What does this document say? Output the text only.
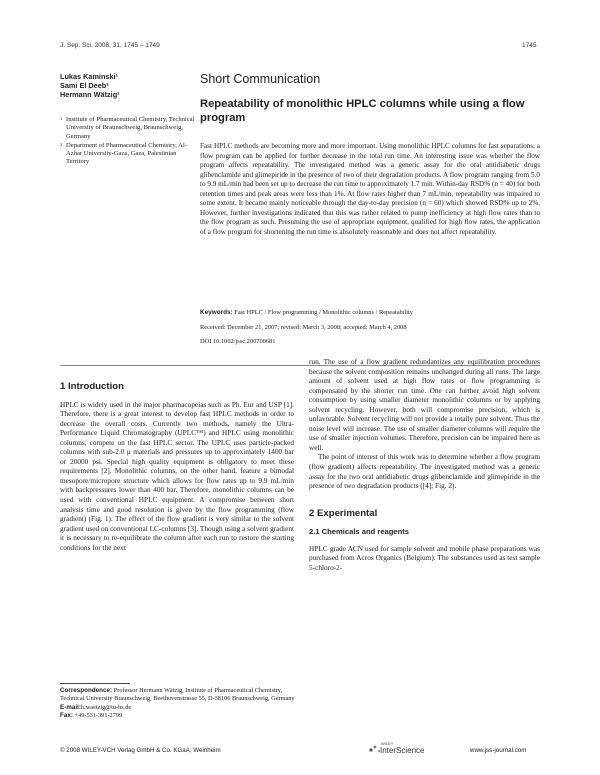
J. Sep. Sci. 2008, 31, 1745 – 1749	1745
Lukas Kaminski¹
Sami El Deeb²
Hermann Wätzig¹
1 Institute of Pharmaceutical Chemistry, Technical University of Braunschweig, Braunschweig, Germany
2 Department of Pharmaceutical Chemistry, Al-Azhar University-Gaza, Gaza, Palestinian Territory
Short Communication
Repeatability of monolithic HPLC columns while using a flow program
Fast HPLC methods are becoming more and more important. Using monolithic HPLC columns for fast separations, a flow program can be applied for further decrease in the total run time. An interesting issue was whether the flow program affects repeatability. The investigated method was a generic assay for the oral antidiabetic drugs glibenclamide and glimepiride in the presence of two of their degradation products. A flow program ranging from 5.0 to 9.9 mL/min had been set up to decrease the run time to approximately 1.7 min. Within-day RSD% (n = 40) for both retention times and peak areas were less than 1%. At flow rates higher than 7 mL/min, repeatability was impaired to some extent. It became mainly noticeable through the day-to-day precision (n = 60) which showed RSD% up to 2%. However, further investigations indicated that this was rather related to pump inefficiency at high flow rates than to the flow program as such. Presuming the use of appropriate equipment, qualified for high flow rates, the application of a flow program for shortening the run time is absolutely reasonable and does not affect repeatability.
Keywords: Fast HPLC / Flow programming / Monolithic columns / Repeatability
Received: December 21, 2007; revised: March 3, 2008; accepted: March 4, 2008
DOI 10.1002/jssc.200700681
1 Introduction

HPLC is widely used in the major pharmacopeias such as Ph. Eur and USP [1]. Therefore, there is a great interest to develop fast HPLC methods in order to decrease the overall costs. Currently two methods, namely the Ultra-Performance Liquid Chromatography (UPLC™) and HPLC using monolithic columns, compete on the fast HPLC sector. The UPLC uses particle-packed columns with sub-2.0 μ materials and pressures up to approximately 1400 bar or 20000 psi. Special high quality equipment is obligatory to meet these requirements [2]. Monolithic columns, on the other hand, feature a bimodal mesopore/micropore structure which allows for flow rates up to 9.9 mL/min with backpressures lower than 400 bar. Therefore, monolithic columns can be used with conventional HPLC equipment. A compromise between short analysis time and good resolution is given by the flow programming (flow gradient) (Fig. 1). The effect of the flow gradient is very similar to the solvent gradient used on conventional LC-columns [3]. Though using a solvent gradient it is necessary to re-equilibrate the column after each run to restore the starting conditions for the next

run. The use of a flow gradient redundantizes any equilibration procedures because the solvent composition remains unchanged during all runs. The large amount of solvent used at high flow rates or flow programming is compensated by the shorter run time. One can further avoid high solvent consumption by using smaller diameter monolithic columns or by applying solvent recycling. However, both will compromise precision, which is unfavorable. Solvent recycling will not provide a totally pure solvent. Thus the noise level will increase. The use of smaller diameter columns will require the use of smaller injection volumes. Therefore, precision can be impaired here as well.

The point of interest of this work was to determine whether a flow program (flow gradient) affects repeatability. The investigated method was a generic assay for the two oral antidiabetic drugs glibenclamide and glimepiride in the presence of two degradation products ([4]; Fig. 2).

2 Experimental
2.1 Chemicals and reagents

HPLC grade ACN used for sample solvent and mobile phase preparations was purchased from Acros Organics (Belgium). The substances used as test sample 5-chloro-2-

Correspondence: Professor Hermann Wätzig, Institute of Pharmaceutical Chemistry, Technical University Braunschweig, Beethovenstrasse 55, D-38106 Braunschweig, Germany
E-mail:h.waetzig@tu-bs.de
Fax: +49-531-391-2799
© 2008 WILEY-VCH Verlag GmbH & Co. KGaA, Weinheim
WILEY
InterScience	www.jss-journal.com
